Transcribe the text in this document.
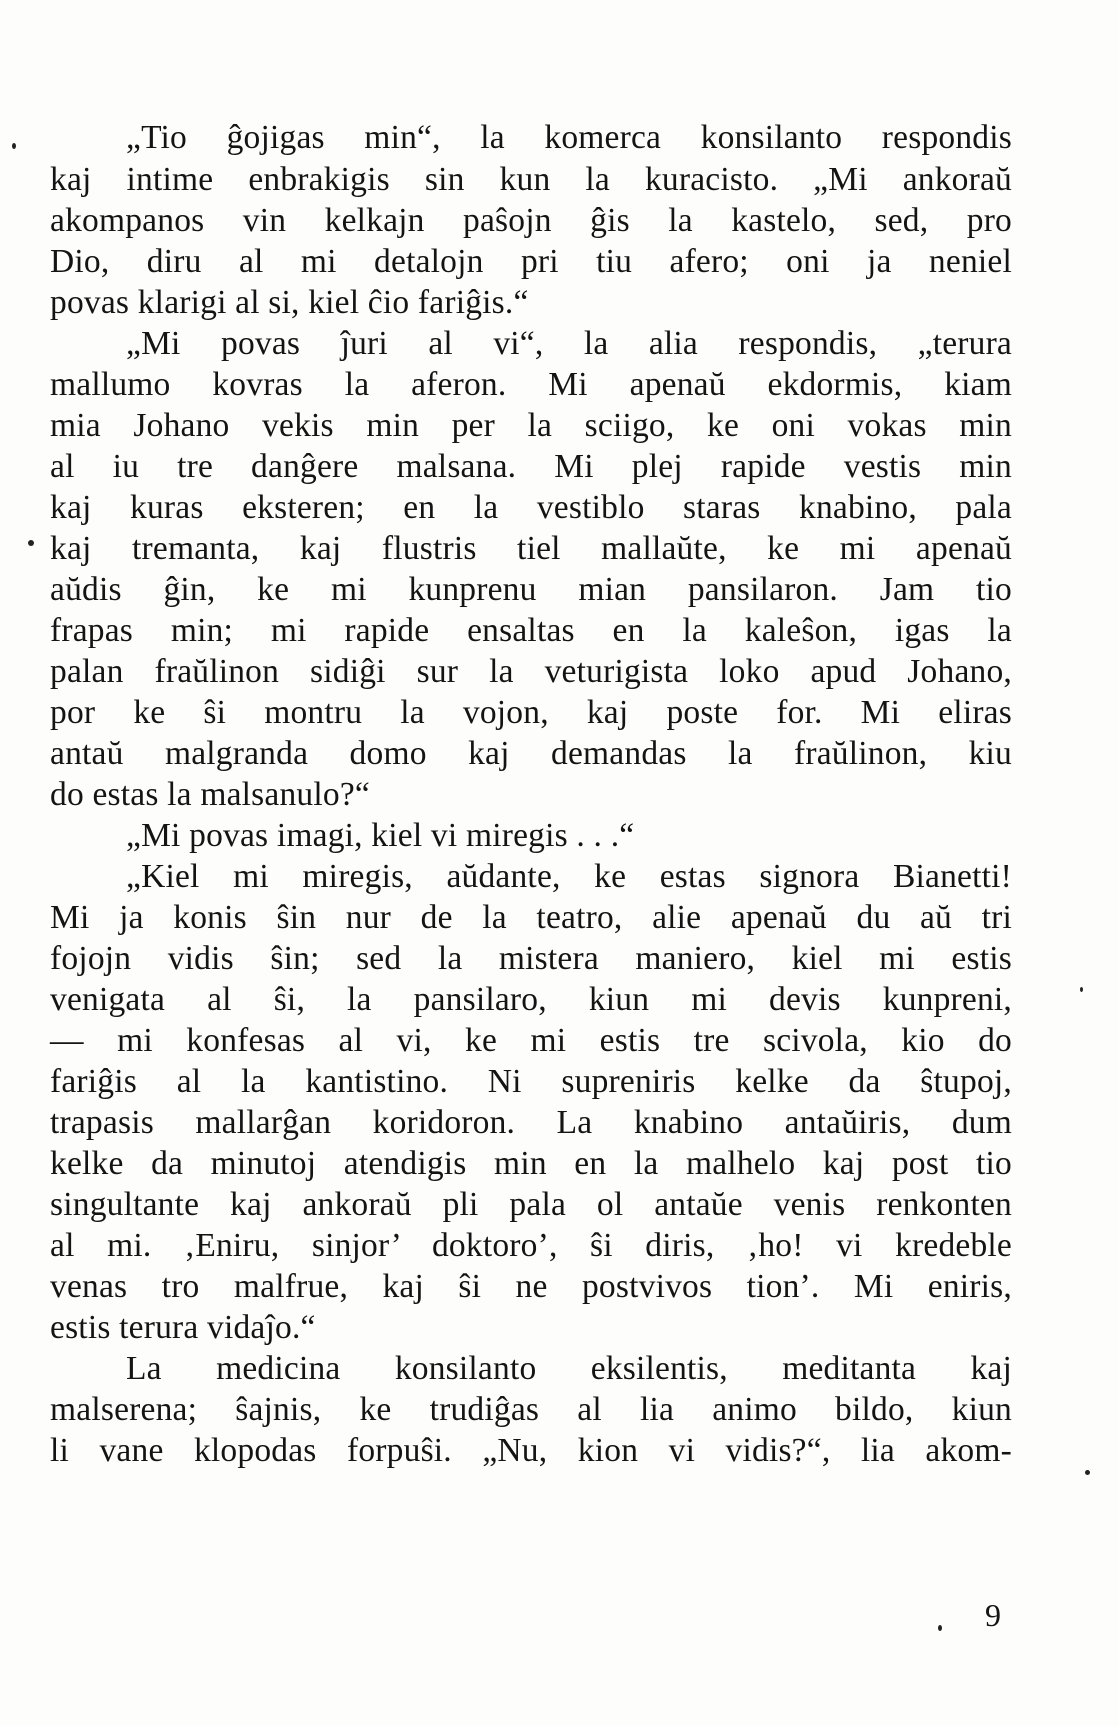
„Tio ĝojigas min“, la komerca konsilanto respondis
kaj intime enbrakigis sin kun la kuracisto. „Mi ankoraŭ
akompanos vin kelkajn paŝojn ĝis la kastelo, sed, pro
Dio, diru al mi detalojn pri tiu afero; oni ja neniel
povas klarigi al si, kiel ĉio fariĝis.“
„Mi povas ĵuri al vi“, la alia respondis, „terura
mallumo kovras la aferon. Mi apenaŭ ekdormis, kiam
mia Johano vekis min per la sciigo, ke oni vokas min
al iu tre danĝere malsana. Mi plej rapide vestis min
kaj kuras eksteren; en la vestiblo staras knabino, pala
kaj tremanta, kaj flustris tiel mallaŭte, ke mi apenaŭ
aŭdis ĝin, ke mi kunprenu mian pansilaron. Jam tio
frapas min; mi rapide ensaltas en la kaleŝon, igas la
palan fraŭlinon sidiĝi sur la veturigista loko apud Johano,
por ke ŝi montru la vojon, kaj poste for. Mi eliras
antaŭ malgranda domo kaj demandas la fraŭlinon, kiu
do estas la malsanulo?“
„Mi povas imagi, kiel vi miregis . . .“
„Kiel mi miregis, aŭdante, ke estas signora Bianetti!
Mi ja konis ŝin nur de la teatro, alie apenaŭ du aŭ tri
fojojn vidis ŝin; sed la mistera maniero, kiel mi estis
venigata al ŝi, la pansilaro, kiun mi devis kunpreni,
— mi konfesas al vi, ke mi estis tre scivola, kio do
fariĝis al la kantistino. Ni supreniris kelke da ŝtupoj,
trapasis mallarĝan koridoron. La knabino antaŭiris, dum
kelke da minutoj atendigis min en la malhelo kaj post tio
singultante kaj ankoraŭ pli pala ol antaŭe venis renkonten
al mi. ‚Eniru, sinjor’ doktoro’, ŝi diris, ‚ho! vi kredeble
venas tro malfrue, kaj ŝi ne postvivos tion’. Mi eniris,
estis terura vidaĵo.“
La medicina konsilanto eksilentis, meditanta kaj
malserena; ŝajnis, ke trudiĝas al lia animo bildo, kiun
li vane klopodas forpuŝi. „Nu, kion vi vidis?“, lia akom-
9
